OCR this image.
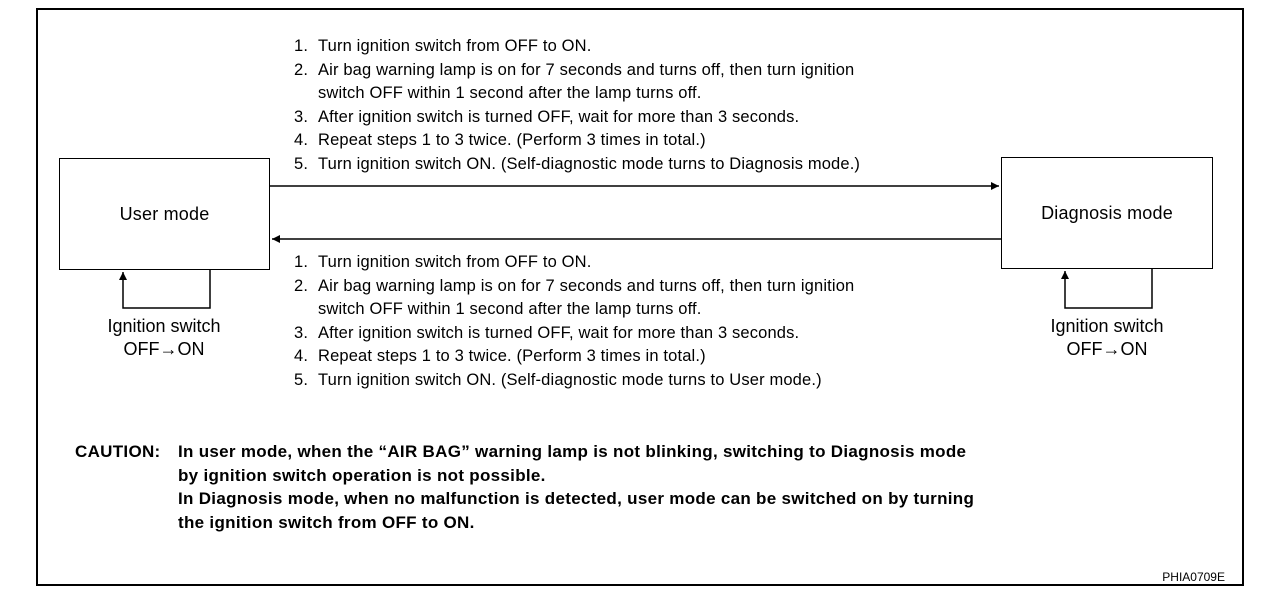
User mode	Diagnosis mode
1. Turn ignition switch from OFF to ON.
2. Air bag warning lamp is on for 7 seconds and turns off, then turn ignition
switch OFF within 1 second after the lamp turns off.
3. After ignition switch is turned OFF, wait for more than 3 seconds.
4. Repeat steps 1 to 3 twice. (Perform 3 times in total.)
5. Turn ignition switch ON. (Self-diagnostic mode turns to Diagnosis mode.)
1. Turn ignition switch from OFF to ON.
2. Air bag warning lamp is on for 7 seconds and turns off, then turn ignition
switch OFF within 1 second after the lamp turns off.
3. After ignition switch is turned OFF, wait for more than 3 seconds.
4. Repeat steps 1 to 3 twice. (Perform 3 times in total.)
5. Turn ignition switch ON. (Self-diagnostic mode turns to User mode.)
Ignition switch
OFF→ON
Ignition switch
OFF→ON
CAUTION: In user mode, when the “AIR BAG” warning lamp is not blinking, switching to Diagnosis mode
by ignition switch operation is not possible.
In Diagnosis mode, when no malfunction is detected, user mode can be switched on by turning
the ignition switch from OFF to ON.
PHIA0709E
